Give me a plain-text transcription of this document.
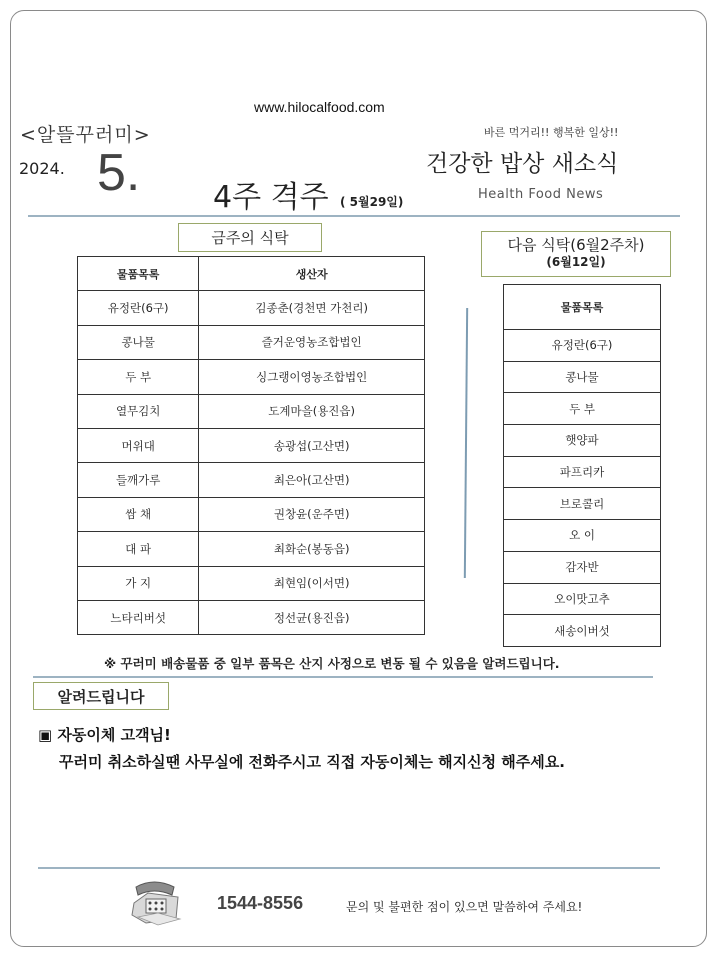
www.hilocalfood.com
<알뜰꾸러미>
2024. 5. 4주 격주 ( 5월29일)
바른 먹거리!! 행복한 일상!!
건강한 밥상 새소식
Health Food News
금주의 식탁
물품목록	생산자
유정란(6구)	김종춘(경천면 가천리)
콩나물	즐거운영농조합법인
두 부	싱그랭이영농조합법인
열무김치	도계마을(용진읍)
머위대	송광섭(고산면)
들깨가루	최은아(고산면)
쌈 채	권창윤(운주면)
대 파	최화순(봉동읍)
가 지	최현임(이서면)
느타리버섯	정선균(용진읍)
다음 식탁(6월2주차)
(6월12일)
물품목록
유정란(6구)
콩나물
두 부
햇양파
파프리카
브로콜리
오 이
감자반
오이맛고추
새송이버섯
※ 꾸러미 배송물품 중 일부 품목은 산지 사정으로 변동 될 수 있음을 알려드립니다.
알려드립니다
▣ 자동이체 고객님!
꾸러미 취소하실땐 사무실에 전화주시고 직접 자동이체는 해지신청 해주세요.
1544-8556	문의 및 불편한 점이 있으면 말씀하여 주세요!
